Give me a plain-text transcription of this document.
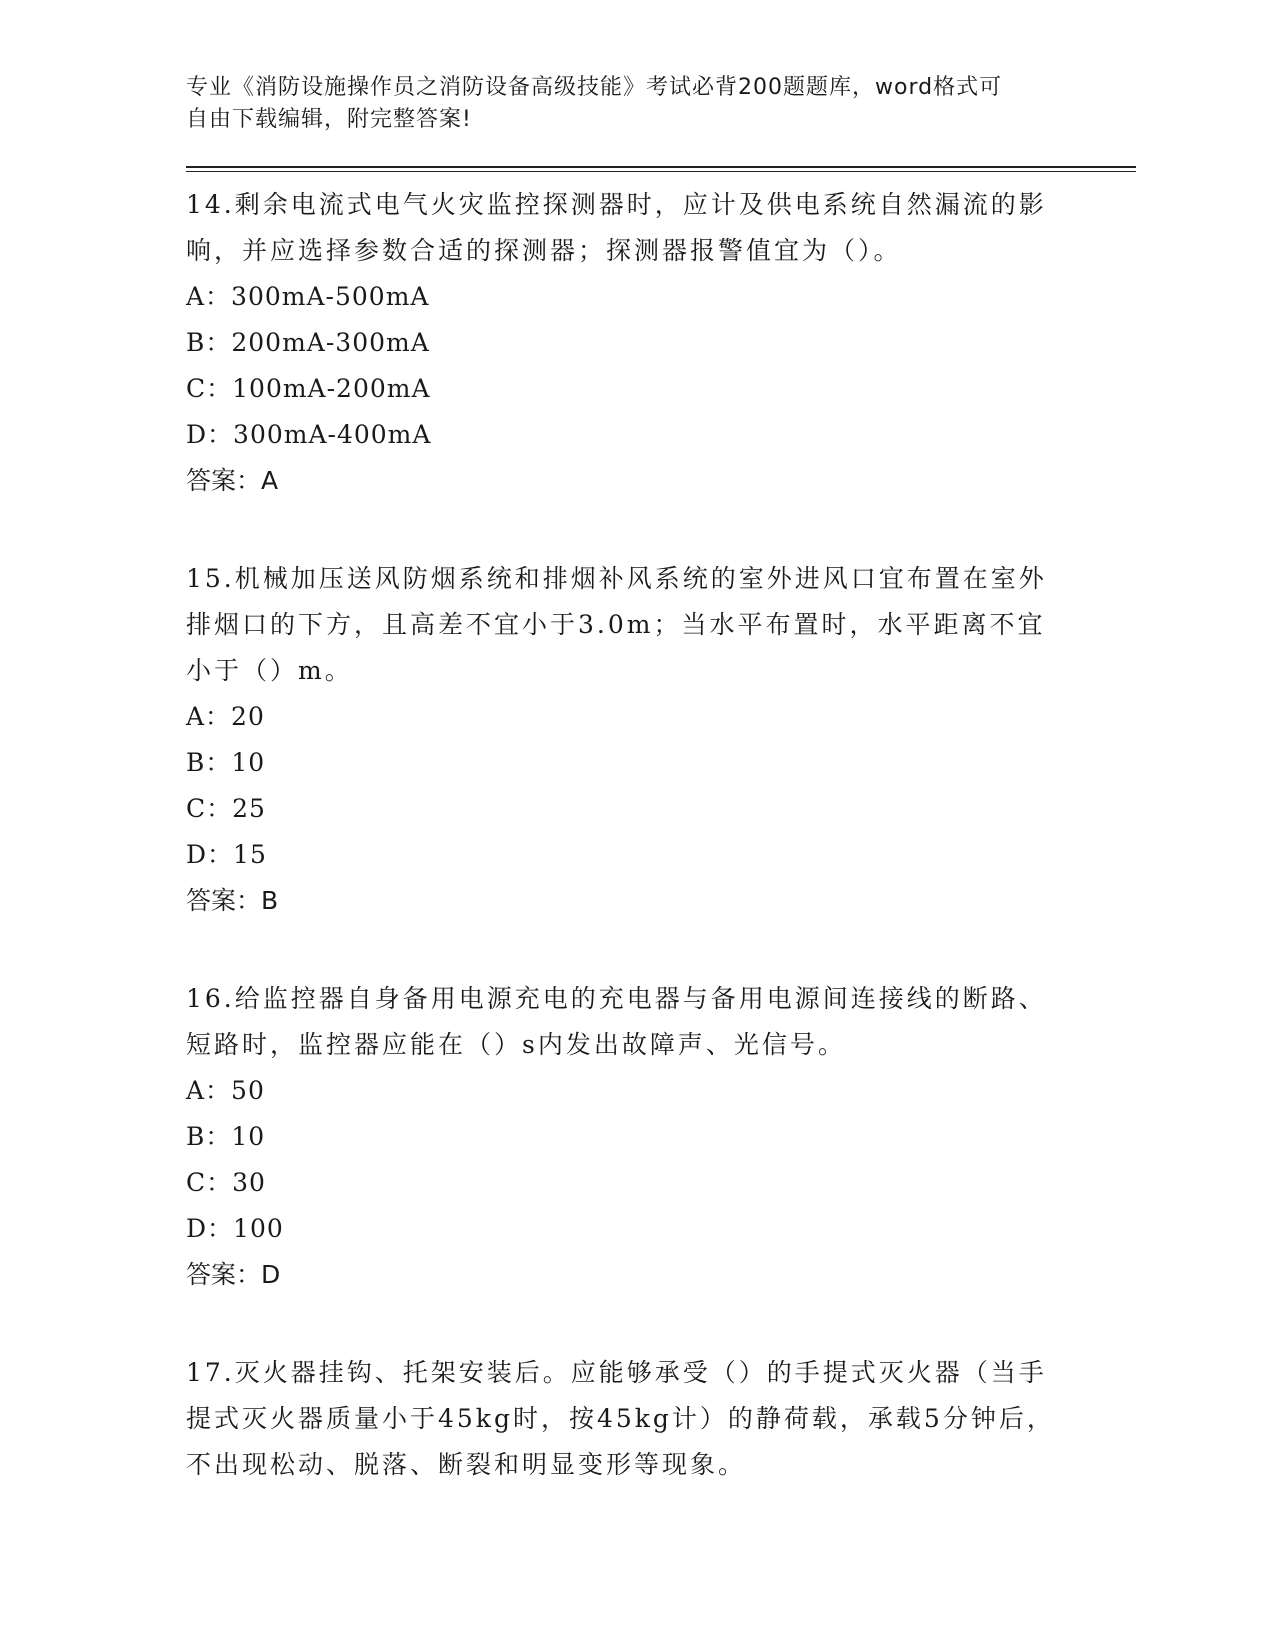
专业《消防设施操作员之消防设备高级技能》考试必背200题题库，word格式可
自由下载编辑，附完整答案!
14.剩余电流式电气火灾监控探测器时，应计及供电系统自然漏流的影响，并应选择参数合适的探测器；探测器报警值宜为（）。
A：300mA-500mA
B：200mA-300mA
C：100mA-200mA
D：300mA-400mA
答案：A
15.机械加压送风防烟系统和排烟补风系统的室外进风口宜布置在室外排烟口的下方，且高差不宜小于3.0m；当水平布置时，水平距离不宜小于（）m。
A：20
B：10
C：25
D：15
答案：B
16.给监控器自身备用电源充电的充电器与备用电源间连接线的断路、短路时，监控器应能在（）s内发出故障声、光信号。
A：50
B：10
C：30
D：100
答案：D
17.灭火器挂钩、托架安装后。应能够承受（）的手提式灭火器（当手提式灭火器质量小于45kg时，按45kg计）的静荷载，承载5分钟后，不出现松动、脱落、断裂和明显变形等现象。
